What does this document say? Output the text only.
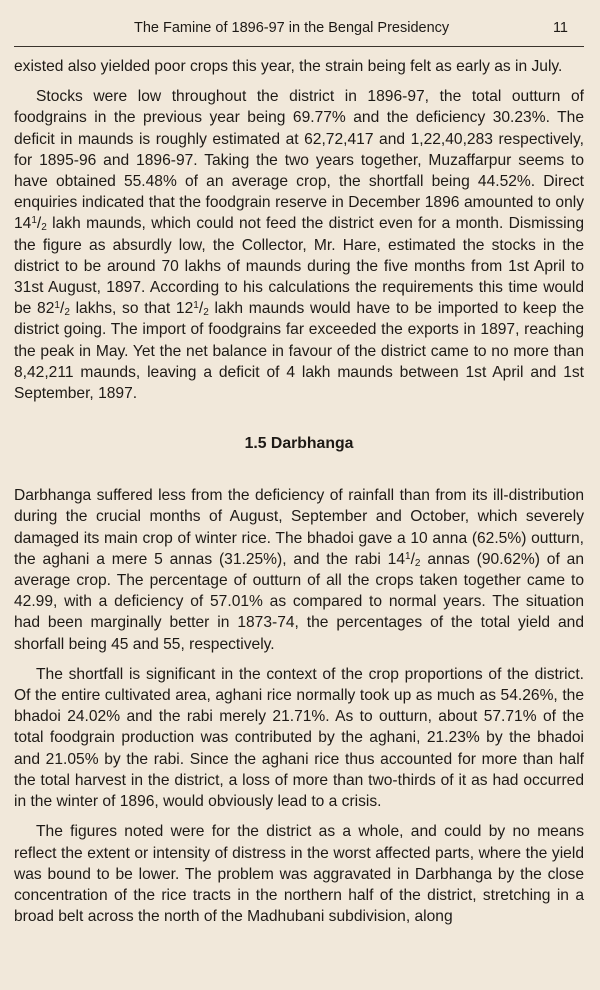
The Famine of 1896-97 in the Bengal Presidency	11

existed also yielded poor crops this year, the strain being felt as early as in July.

Stocks were low throughout the district in 1896-97, the total outturn of foodgrains in the previous year being 69.77% and the deficiency 30.23%. The deficit in maunds is roughly estimated at 62,72,417 and 1,22,40,283 respectively, for 1895-96 and 1896-97. Taking the two years together, Muzaffarpur seems to have obtained 55.48% of an average crop, the shortfall being 44.52%. Direct enquiries indicated that the foodgrain reserve in December 1896 amounted to only $14^1/2$ lakh maunds, which could not feed the district even for a month. Dismissing the figure as absurdly low, the Collector, Mr. Hare, estimated the stocks in the district to be around 70 lakhs of maunds during the five months from 1st April to 31st August, 1897. According to his calculations the requirements this time would be $82^1/2$ lakhs, so that $12^1/2$ lakh maunds would have to be imported to keep the district going. The import of foodgrains far exceeded the exports in 1897, reaching the peak in May. Yet the net balance in favour of the district came to no more than 8,42,211 maunds, leaving a deficit of 4 lakh maunds between 1st April and 1st September, 1897.

1.5 Darbhanga

Darbhanga suffered less from the deficiency of rainfall than from its ill-distribution during the crucial months of August, September and October, which severely damaged its main crop of winter rice. The bhadoi gave a 10 anna (62.5%) outturn, the aghani a mere 5 annas (31.25%), and the rabi $14^1/2$ annas (90.62%) of an average crop. The percentage of outturn of all the crops taken together came to 42.99, with a deficiency of 57.01% as compared to normal years. The situation had been marginally better in 1873-74, the percentages of the total yield and shorfall being 45 and 55, respectively.

The shortfall is significant in the context of the crop proportions of the district. Of the entire cultivated area, aghani rice normally took up as much as 54.26%, the bhadoi 24.02% and the rabi merely 21.71%. As to outturn, about 57.71% of the total foodgrain production was contributed by the aghani, 21.23% by the bhadoi and 21.05% by the rabi. Since the aghani rice thus accounted for more than half the total harvest in the district, a loss of more than two-thirds of it as had occurred in the winter of 1896, would obviously lead to a crisis.

The figures noted were for the district as a whole, and could by no means reflect the extent or intensity of distress in the worst affected parts, where the yield was bound to be lower. The problem was aggravated in Darbhanga by the close concentration of the rice tracts in the northern half of the district, stretching in a broad belt across the north of the Madhubani subdivision, along
